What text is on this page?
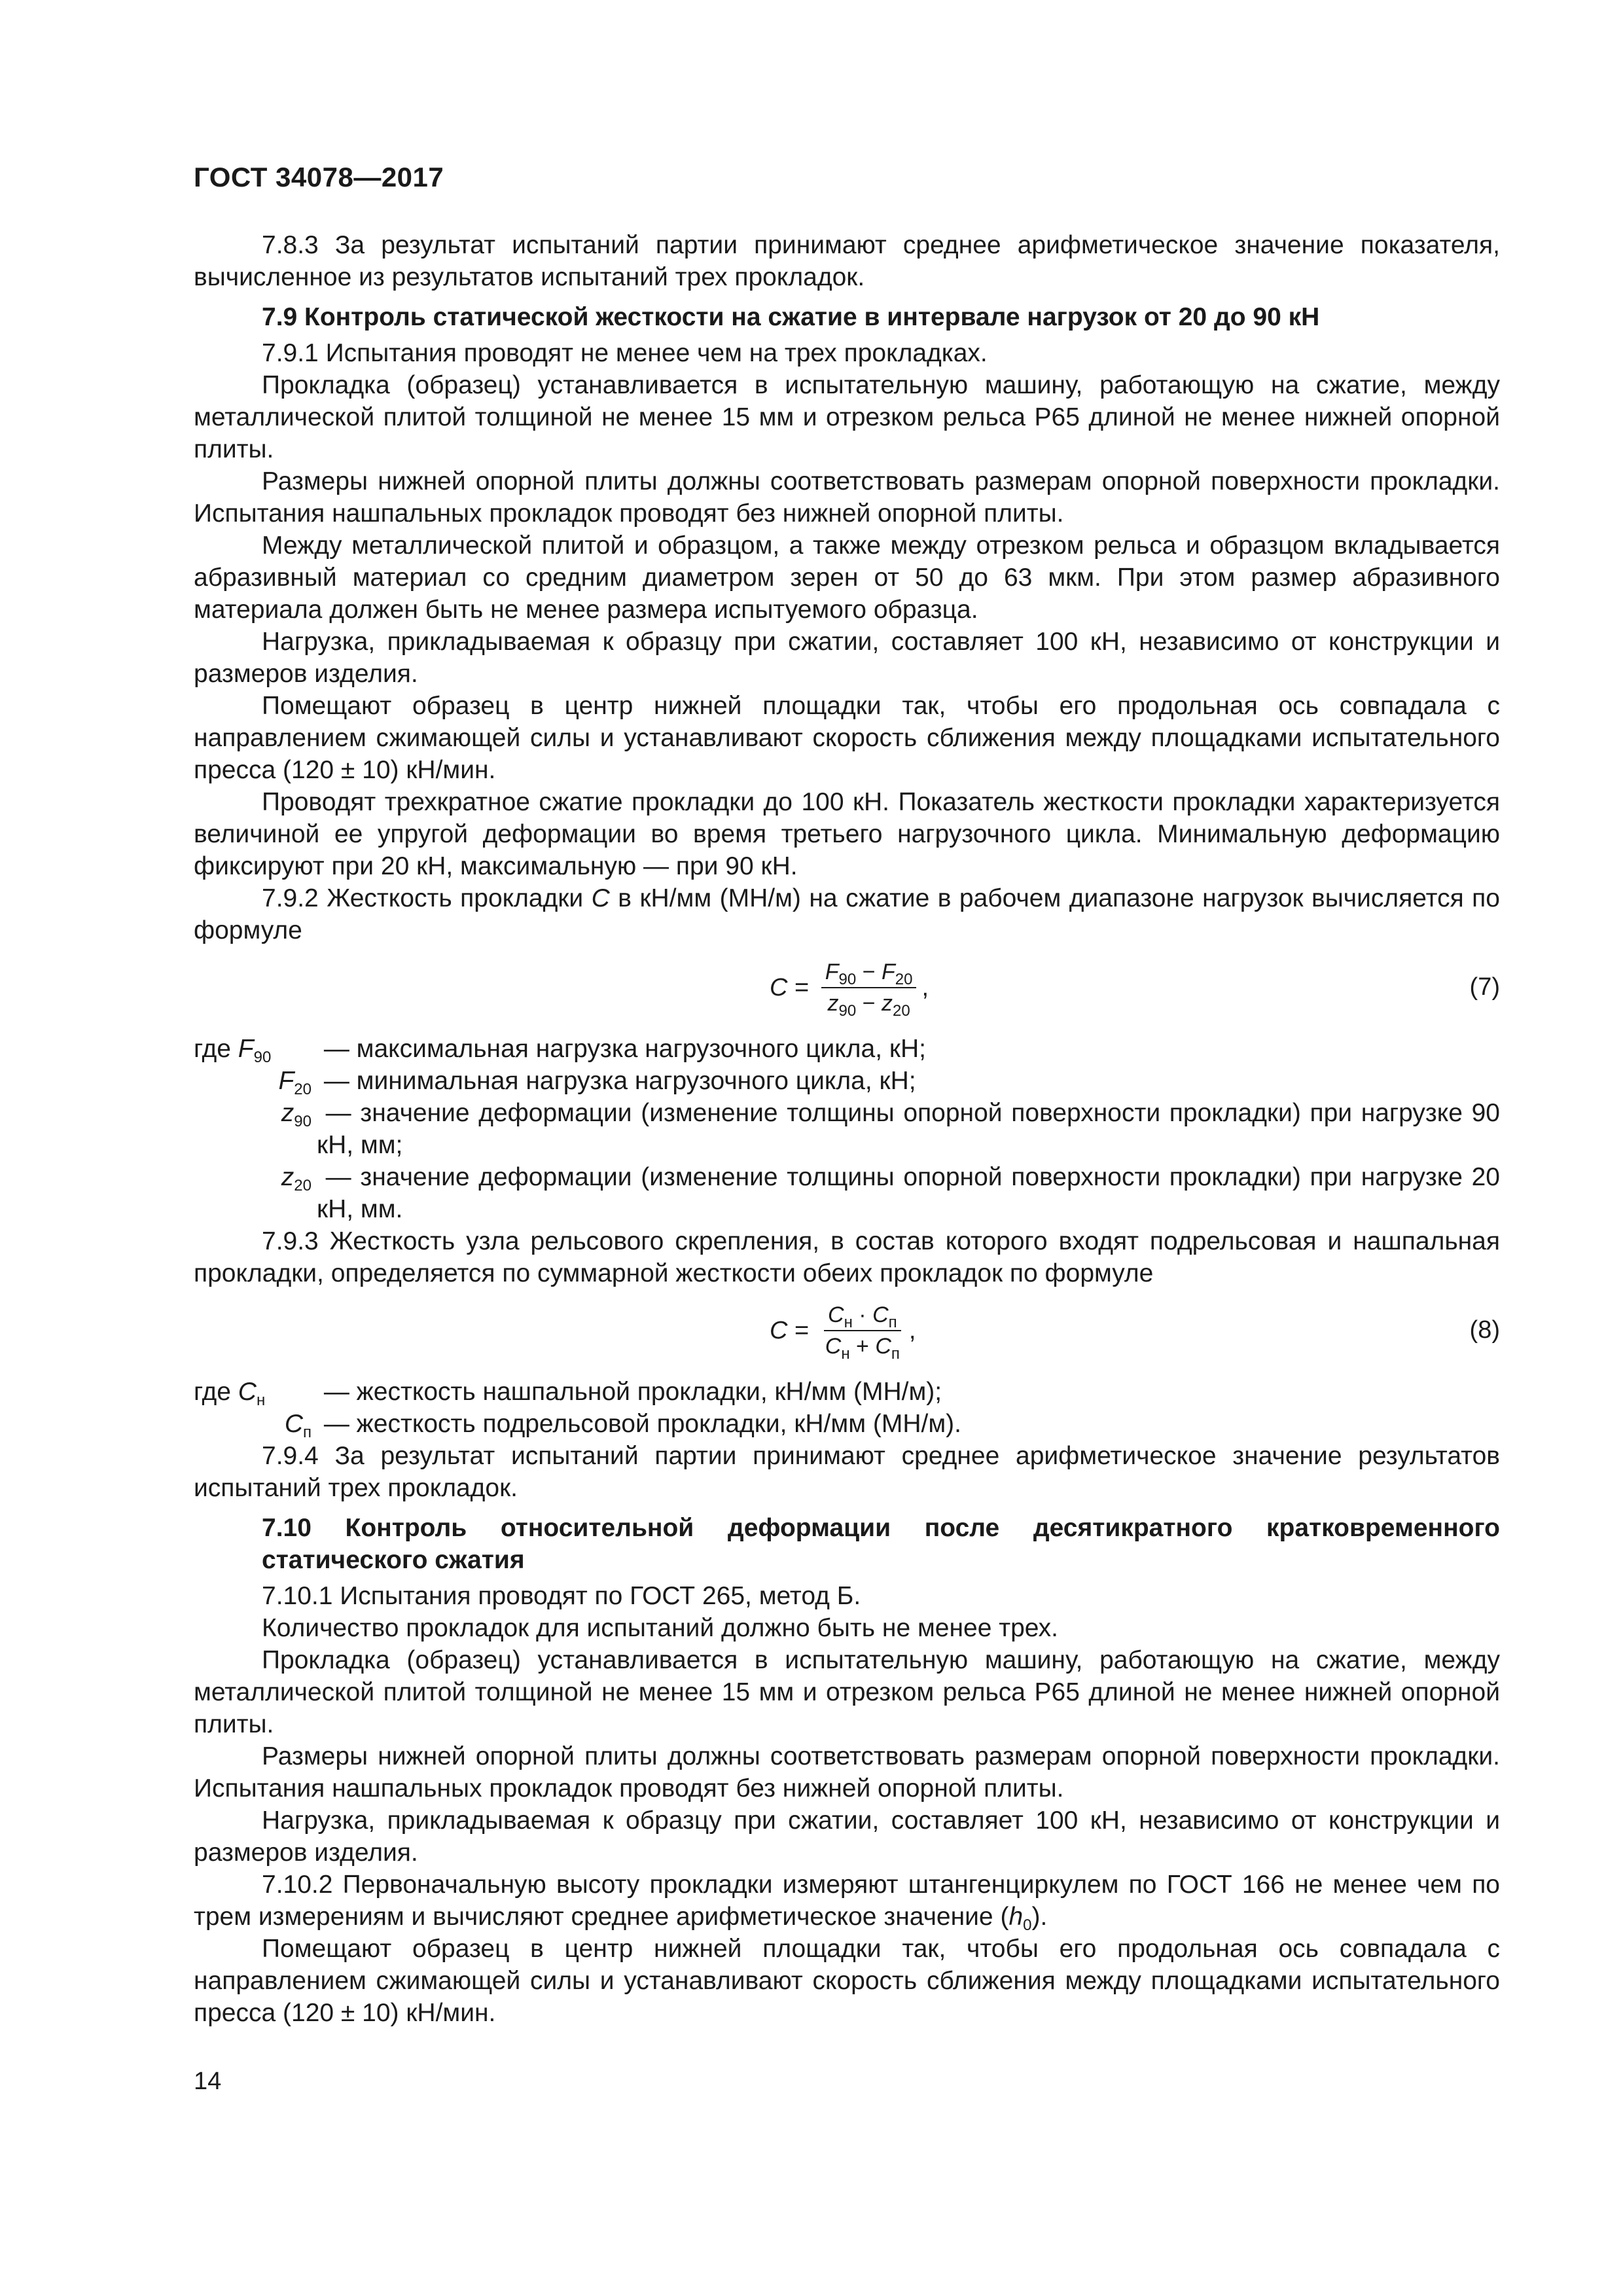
ГОСТ 34078—2017

7.8.3 За результат испытаний партии принимают среднее арифметическое значение показателя, вычисленное из результатов испытаний трех прокладок.

7.9 Контроль статической жесткости на сжатие в интервале нагрузок от 20 до 90 кН

7.9.1 Испытания проводят не менее чем на трех прокладках.

Прокладка (образец) устанавливается в испытательную машину, работающую на сжатие, между металлической плитой толщиной не менее 15 мм и отрезком рельса Р65 длиной не менее нижней опорной плиты.

Размеры нижней опорной плиты должны соответствовать размерам опорной поверхности прокладки. Испытания нашпальных прокладок проводят без нижней опорной плиты.

Между металлической плитой и образцом, а также между отрезком рельса и образцом вкладывается абразивный материал со средним диаметром зерен от 50 до 63 мкм. При этом размер абразивного материала должен быть не менее размера испытуемого образца.

Нагрузка, прикладываемая к образцу при сжатии, составляет 100 кН, независимо от конструкции и размеров изделия.

Помещают образец в центр нижней площадки так, чтобы его продольная ось совпадала с направлением сжимающей силы и устанавливают скорость сближения между площадками испытательного пресса (120 ± 10) кН/мин.

Проводят трехкратное сжатие прокладки до 100 кН. Показатель жесткости прокладки характеризуется величиной ее упругой деформации во время третьего нагрузочного цикла. Минимальную деформацию фиксируют при 20 кН, максимальную — при 90 кН.

7.9.2 Жесткость прокладки C в кН/мм (МН/м) на сжатие в рабочем диапазоне нагрузок вычисляется по формуле

$C = \frac{F_{90} - F_{20}}{z_{90} - z_{20}}$ ,	(7)
где $F_{90}$	— максимальная нагрузка нагрузочного цикла, кН;
$F_{20}$ — минимальная нагрузка нагрузочного цикла, кН;
$z_{90}$ — значение деформации (изменение толщины опорной поверхности прокладки) при нагрузке 90 кН, мм;
$z_{20}$ — значение деформации (изменение толщины опорной поверхности прокладки) при нагрузке 20 кН, мм.

7.9.3 Жесткость узла рельсового скрепления, в состав которого входят подрельсовая и нашпальная прокладки, определяется по суммарной жесткости обеих прокладок по формуле

$C = \frac{C_н \cdot C_п}{C_н + C_п}$ ,	(8)
где $C_н$	— жесткость нашпальной прокладки, кН/мм (МН/м);
$C_п$ — жесткость подрельсовой прокладки, кН/мм (МН/м).

7.9.4 За результат испытаний партии принимают среднее арифметическое значение результатов испытаний трех прокладок.

7.10 Контроль относительной деформации после десятикратного кратковременного статического сжатия

7.10.1 Испытания проводят по ГОСТ 265, метод Б.

Количество прокладок для испытаний должно быть не менее трех.

Прокладка (образец) устанавливается в испытательную машину, работающую на сжатие, между металлической плитой толщиной не менее 15 мм и отрезком рельса Р65 длиной не менее нижней опорной плиты.

Размеры нижней опорной плиты должны соответствовать размерам опорной поверхности прокладки. Испытания нашпальных прокладок проводят без нижней опорной плиты.

Нагрузка, прикладываемая к образцу при сжатии, составляет 100 кН, независимо от конструкции и размеров изделия.

7.10.2 Первоначальную высоту прокладки измеряют штангенциркулем по ГОСТ 166 не менее чем по трем измерениям и вычисляют среднее арифметическое значение $(h_0)$.

Помещают образец в центр нижней площадки так, чтобы его продольная ось совпадала с направлением сжимающей силы и устанавливают скорость сближения между площадками испытательного пресса (120 ± 10) кН/мин.

14
